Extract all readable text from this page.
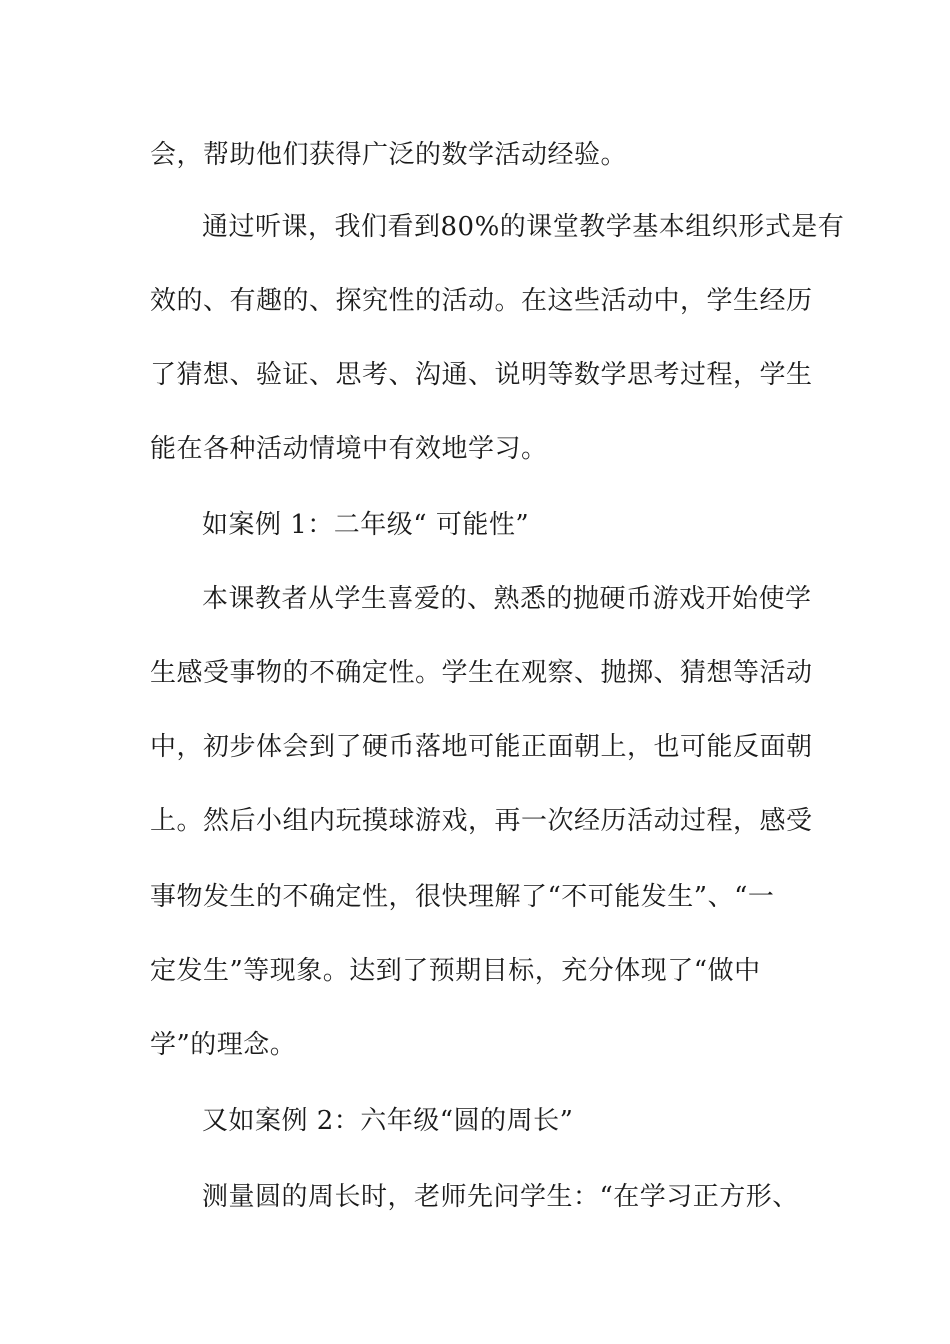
会，帮助他们获得广泛的数学活动经验。
通过听课，我们看到80%的课堂教学基本组织形式是有
效的、有趣的、探究性的活动。在这些活动中，学生经历
了猜想、验证、思考、沟通、说明等数学思考过程，学生
能在各种活动情境中有效地学习。
如案例 1：二年级“ 可能性”
本课教者从学生喜爱的、熟悉的抛硬币游戏开始使学
生感受事物的不确定性。学生在观察、抛掷、猜想等活动
中，初步体会到了硬币落地可能正面朝上，也可能反面朝
上。然后小组内玩摸球游戏，再一次经历活动过程，感受
事物发生的不确定性，很快理解了“不可能发生”、“一
定发生”等现象。达到了预期目标，充分体现了“做中
学”的理念。
又如案例 2：六年级“圆的周长”
测量圆的周长时，老师先问学生：“在学习正方形、
